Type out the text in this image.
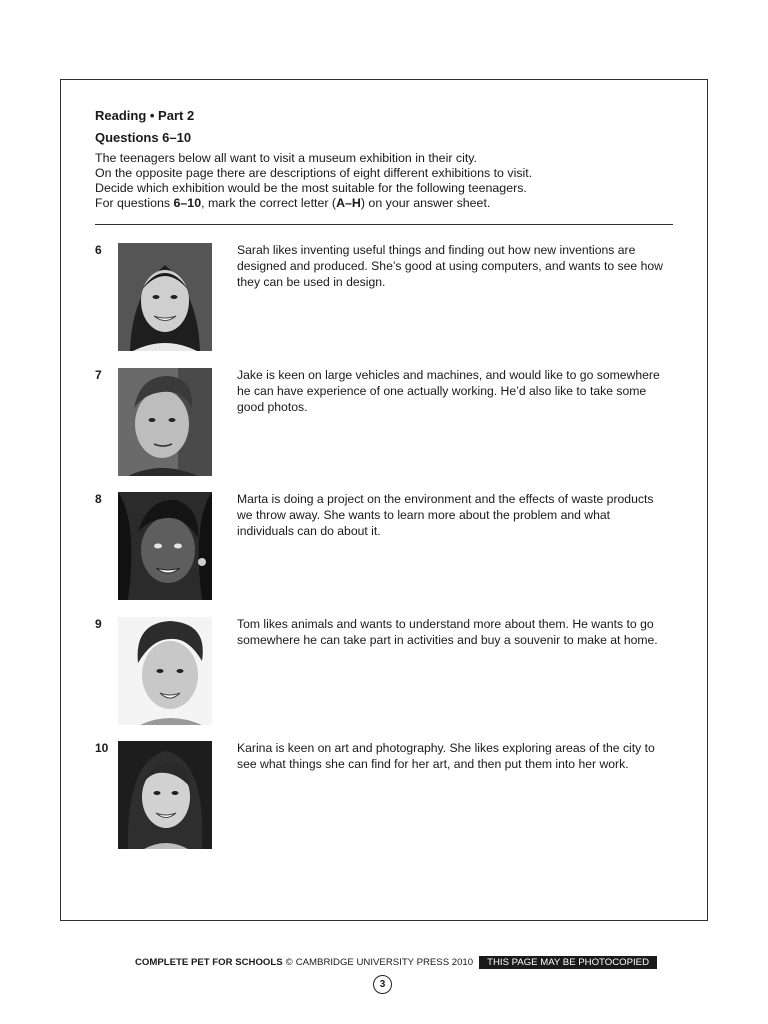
Reading • Part 2
Questions 6–10
The teenagers below all want to visit a museum exhibition in their city.
On the opposite page there are descriptions of eight different exhibitions to visit.
Decide which exhibition would be the most suitable for the following teenagers.
For questions 6–10, mark the correct letter (A–H) on your answer sheet.
6	Sarah likes inventing useful things and finding out how new inventions are
designed and produced. She’s good at using computers, and wants to see how
they can be used in design.
7	Jake is keen on large vehicles and machines, and would like to go somewhere
he can have experience of one actually working. He’d also like to take some
good photos.
8	Marta is doing a project on the environment and the effects of waste products
we throw away. She wants to learn more about the problem and what
individuals can do about it.
9	Tom likes animals and wants to understand more about them. He wants to go
somewhere he can take part in activities and buy a souvenir to make at home.
10	Karina is keen on art and photography. She likes exploring areas of the city to
see what things she can find for her art, and then put them into her work.
COMPLETE PET FOR SCHOOLS © CAMBRIDGE UNIVERSITY PRESS 2010	THIS PAGE MAY BE PHOTOCOPIED
3
